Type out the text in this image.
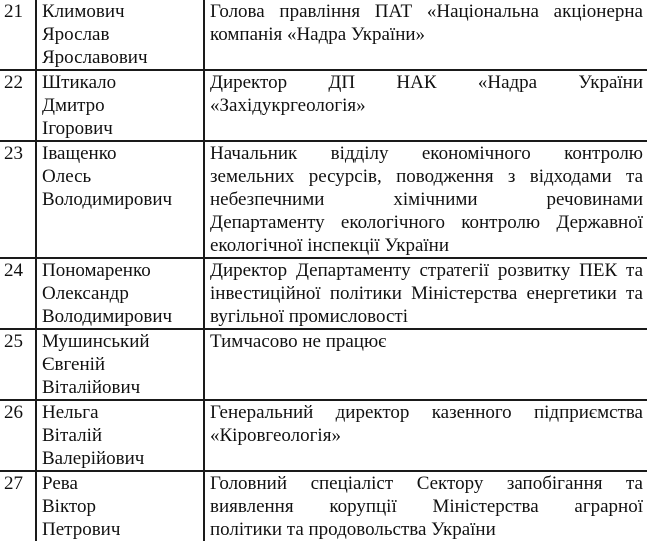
21	Климович
Ярослав
Ярославович	Голова правління ПАТ «Національна акціонерна
компанія «Надра України»

22	Штикало
Дмитро
Ігорович	Директор ДП НАК «Надра України
«Західукргеологія»

23	Іващенко
Олесь
Володимирович	Начальник відділу економічного контролю
земельних ресурсів, поводження з відходами та
небезпечними хімічними речовинами
Департаменту екологічного контролю Державної
екологічної інспекції України

24	Пономаренко
Олександр
Володимирович	Директор Департаменту стратегії розвитку ПЕК та
інвестиційної політики Міністерства енергетики та
вугільної промисловості

25	Мушинський
Євгеній
Віталійович	Тимчасово не працює

26	Нельга
Віталій
Валерійович	Генеральний директор казенного підприємства
«Кіровгеологія»

27	Рева
Віктор
Петрович	Головний спеціаліст Сектору запобігання та
виявлення корупції Міністерства аграрної
політики та продовольства України
